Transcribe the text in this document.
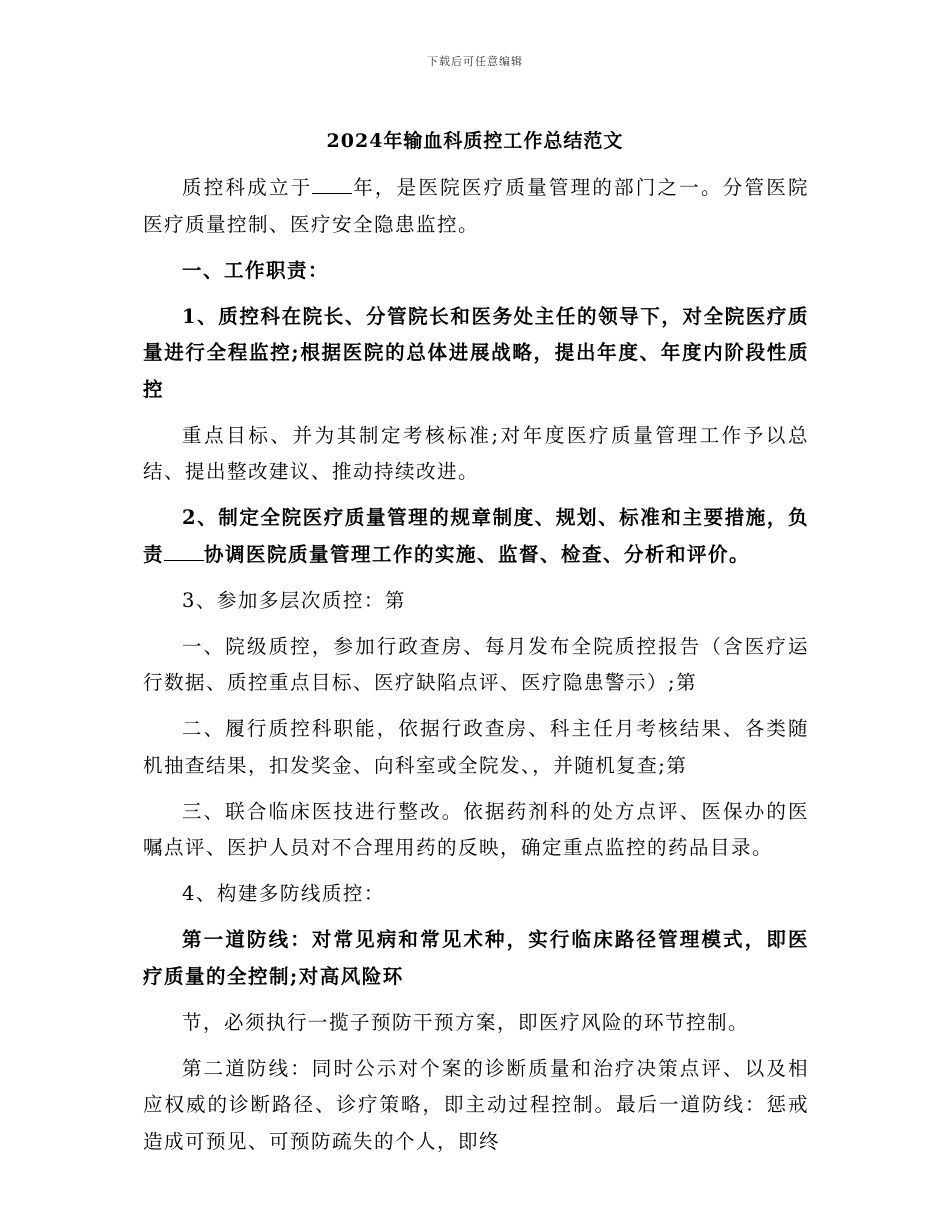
下载后可任意编辑
2024年输血科质控工作总结范文

质控科成立于 年，是医院医疗质量管理的部门之一。分管医院医疗质量控制、医疗安全隐患监控。

一、工作职责：

1、质控科在院长、分管院长和医务处主任的领导下，对全院医疗质量进行全程监控;根据医院的总体进展战略，提出年度、年度内阶段性质控

重点目标、并为其制定考核标准;对年度医疗质量管理工作予以总结、提出整改建议、推动持续改进。

2、制定全院医疗质量管理的规章制度、规划、标准和主要措施，负责 协调医院质量管理工作的实施、监督、检查、分析和评价。

3、参加多层次质控：第

一、院级质控，参加行政查房、每月发布全院质控报告（含医疗运行数据、质控重点目标、医疗缺陷点评、医疗隐患警示）;第

二、履行质控科职能，依据行政查房、科主任月考核结果、各类随机抽查结果，扣发奖金、向科室或全院发、，并随机复查;第

三、联合临床医技进行整改。依据药剂科的处方点评、医保办的医嘱点评、医护人员对不合理用药的反映，确定重点监控的药品目录。

4、构建多防线质控：

第一道防线：对常见病和常见术种，实行临床路径管理模式，即医疗质量的全控制;对高风险环

节，必须执行一揽子预防干预方案，即医疗风险的环节控制。

第二道防线：同时公示对个案的诊断质量和治疗决策点评、以及相应权威的诊断路径、诊疗策略，即主动过程控制。最后一道防线：惩戒造成可预见、可预防疏失的个人，即终
